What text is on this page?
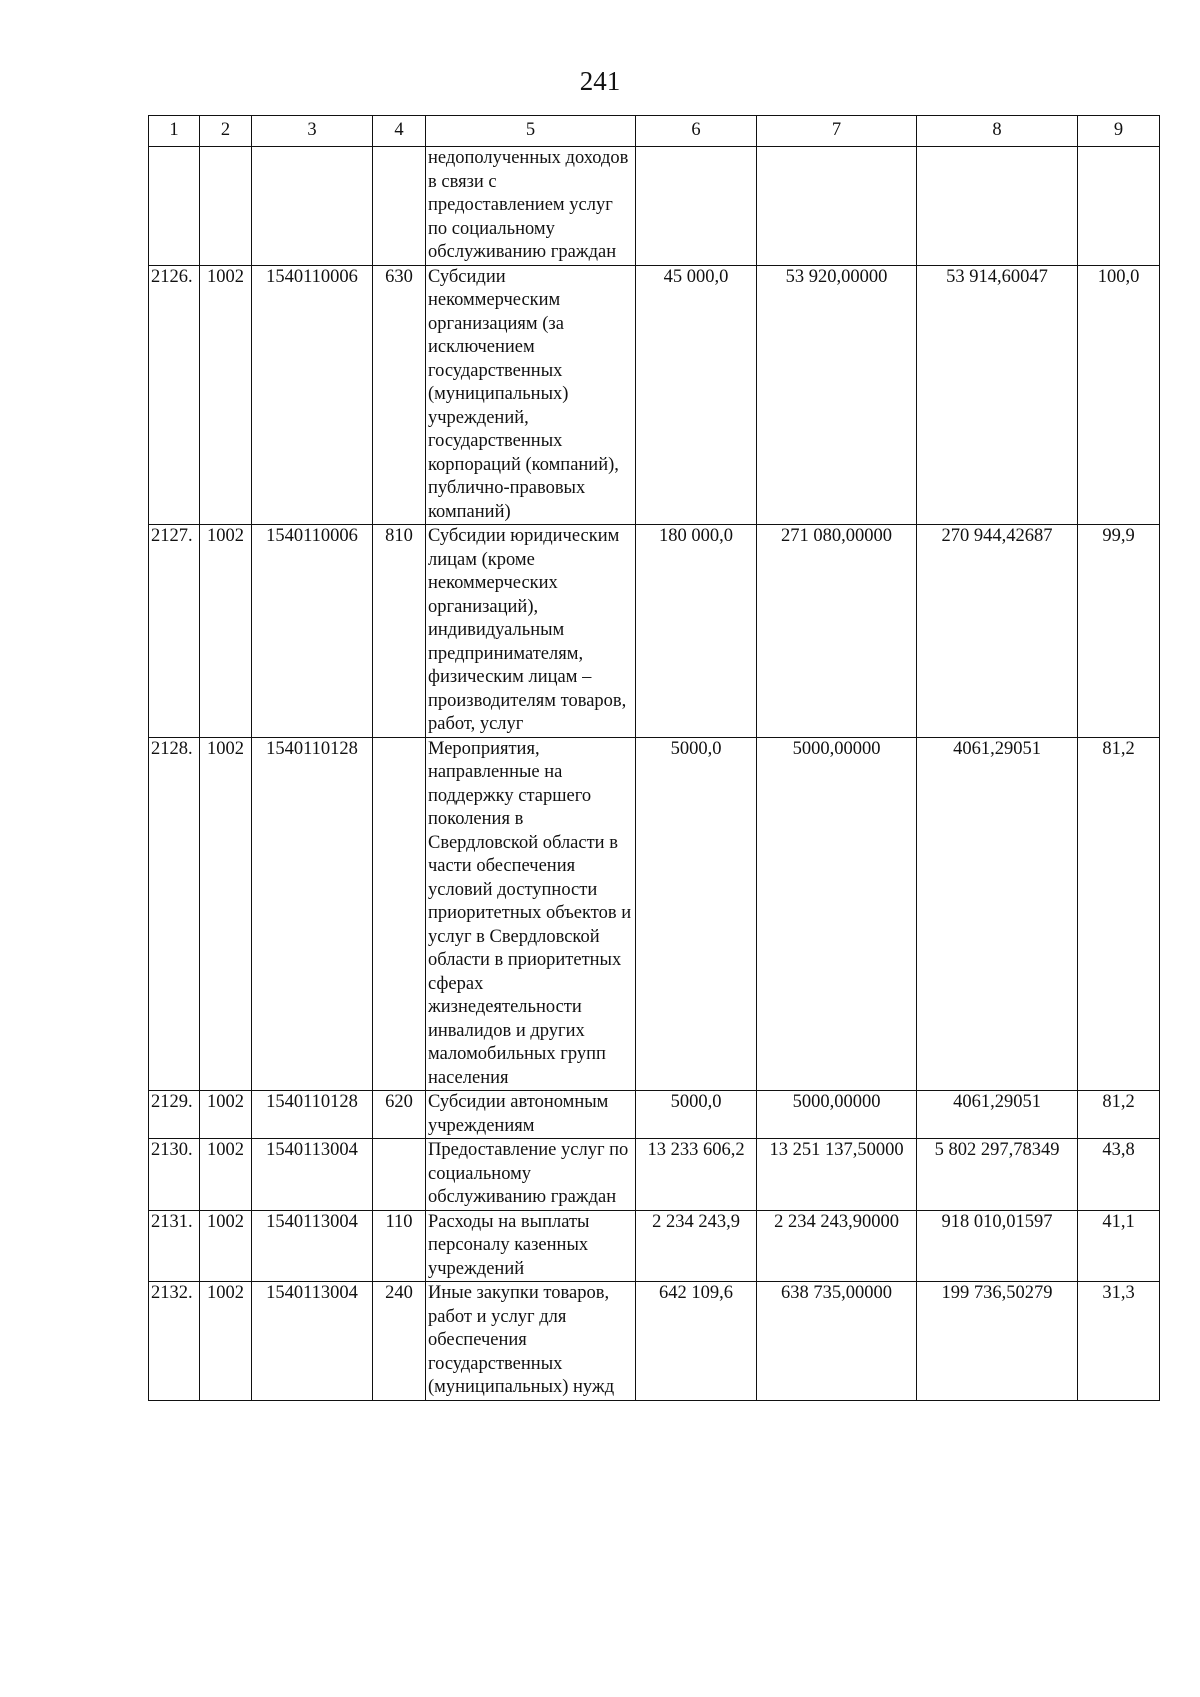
241
1	2	3	4	5	6	7	8	9
				недополученных доходов в связи с предоставлением услуг по социальному обслуживанию граждан				
2126.	1002	1540110006	630	Субсидии некоммерческим организациям (за исключением государственных (муниципальных) учреждений, государственных корпораций (компаний), публично-правовых компаний)	45 000,0	53 920,00000	53 914,60047	100,0
2127.	1002	1540110006	810	Субсидии юридическим лицам (кроме некоммерческих организаций), индивидуальным предпринимателям, физическим лицам – производителям товаров, работ, услуг	180 000,0	271 080,00000	270 944,42687	99,9
2128.	1002	1540110128		Мероприятия, направленные на поддержку старшего поколения в Свердловской области в части обеспечения условий доступности приоритетных объектов и услуг в Свердловской области в приоритетных сферах жизнедеятельности инвалидов и других маломобильных групп населения	5000,0	5000,00000	4061,29051	81,2
2129.	1002	1540110128	620	Субсидии автономным учреждениям	5000,0	5000,00000	4061,29051	81,2
2130.	1002	1540113004		Предоставление услуг по социальному обслуживанию граждан	13 233 606,2	13 251 137,50000	5 802 297,78349	43,8
2131.	1002	1540113004	110	Расходы на выплаты персоналу казенных учреждений	2 234 243,9	2 234 243,90000	918 010,01597	41,1
2132.	1002	1540113004	240	Иные закупки товаров, работ и услуг для обеспечения государственных (муниципальных) нужд	642 109,6	638 735,00000	199 736,50279	31,3
